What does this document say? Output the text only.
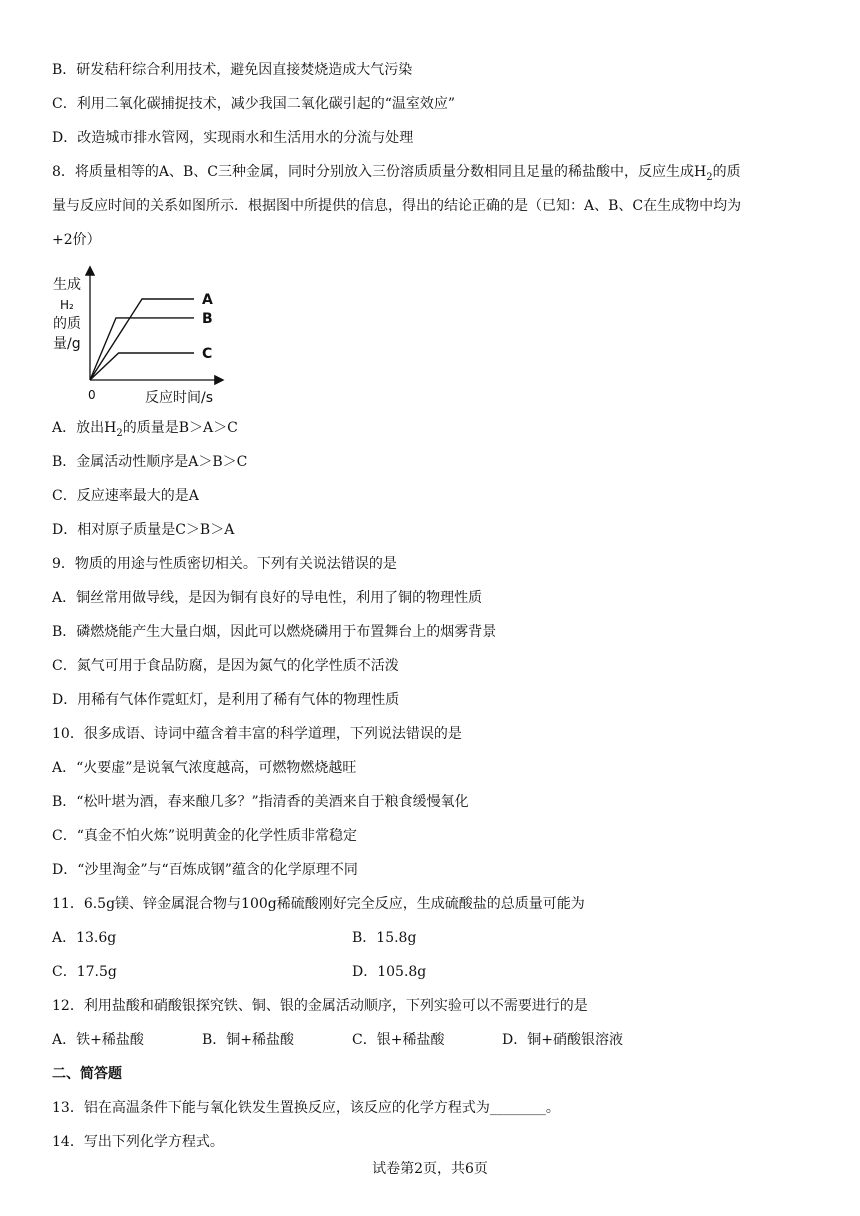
B．研发秸秆综合利用技术，避免因直接焚烧造成大气污染
C．利用二氧化碳捕捉技术，减少我国二氧化碳引起的“温室效应”
D．改造城市排水管网，实现雨水和生活用水的分流与处理
8．将质量相等的A、B、C三种金属，同时分别放入三份溶质质量分数相同且足量的稀盐酸中，反应生成$H_2$的质
量与反应时间的关系如图所示．根据图中所提供的信息，得出的结论正确的是（已知：A、B、C在生成物中均为
+2价）
生成
H₂
的质
量/g
0	反应时间/s
A
B
C
A．放出$H_2$的质量是B＞A＞C
B．金属活动性顺序是A＞B＞C
C．反应速率最大的是A
D．相对原子质量是C＞B＞A
9．物质的用途与性质密切相关。下列有关说法错误的是
A．铜丝常用做导线，是因为铜有良好的导电性，利用了铜的物理性质
B．磷燃烧能产生大量白烟，因此可以燃烧磷用于布置舞台上的烟雾背景
C．氮气可用于食品防腐，是因为氮气的化学性质不活泼
D．用稀有气体作霓虹灯，是利用了稀有气体的物理性质
10．很多成语、诗词中蕴含着丰富的科学道理，下列说法错误的是
A．“火要虚”是说氧气浓度越高，可燃物燃烧越旺
B．“松叶堪为酒，春来酿几多？”指清香的美酒来自于粮食缓慢氧化
C．“真金不怕火炼”说明黄金的化学性质非常稳定
D．“沙里淘金”与“百炼成钢”蕴含的化学原理不同
11．6.5g镁、锌金属混合物与100g稀硫酸刚好完全反应，生成硫酸盐的总质量可能为
A．13.6g	B．15.8g
C．17.5g	D．105.8g
12．利用盐酸和硝酸银探究铁、铜、银的金属活动顺序，下列实验可以不需要进行的是
A．铁+稀盐酸	B．铜+稀盐酸	C．银+稀盐酸	D．铜+硝酸银溶液
二、简答题
13．铝在高温条件下能与氧化铁发生置换反应，该反应的化学方程式为________。
14．写出下列化学方程式。
试卷第2页，共6页
